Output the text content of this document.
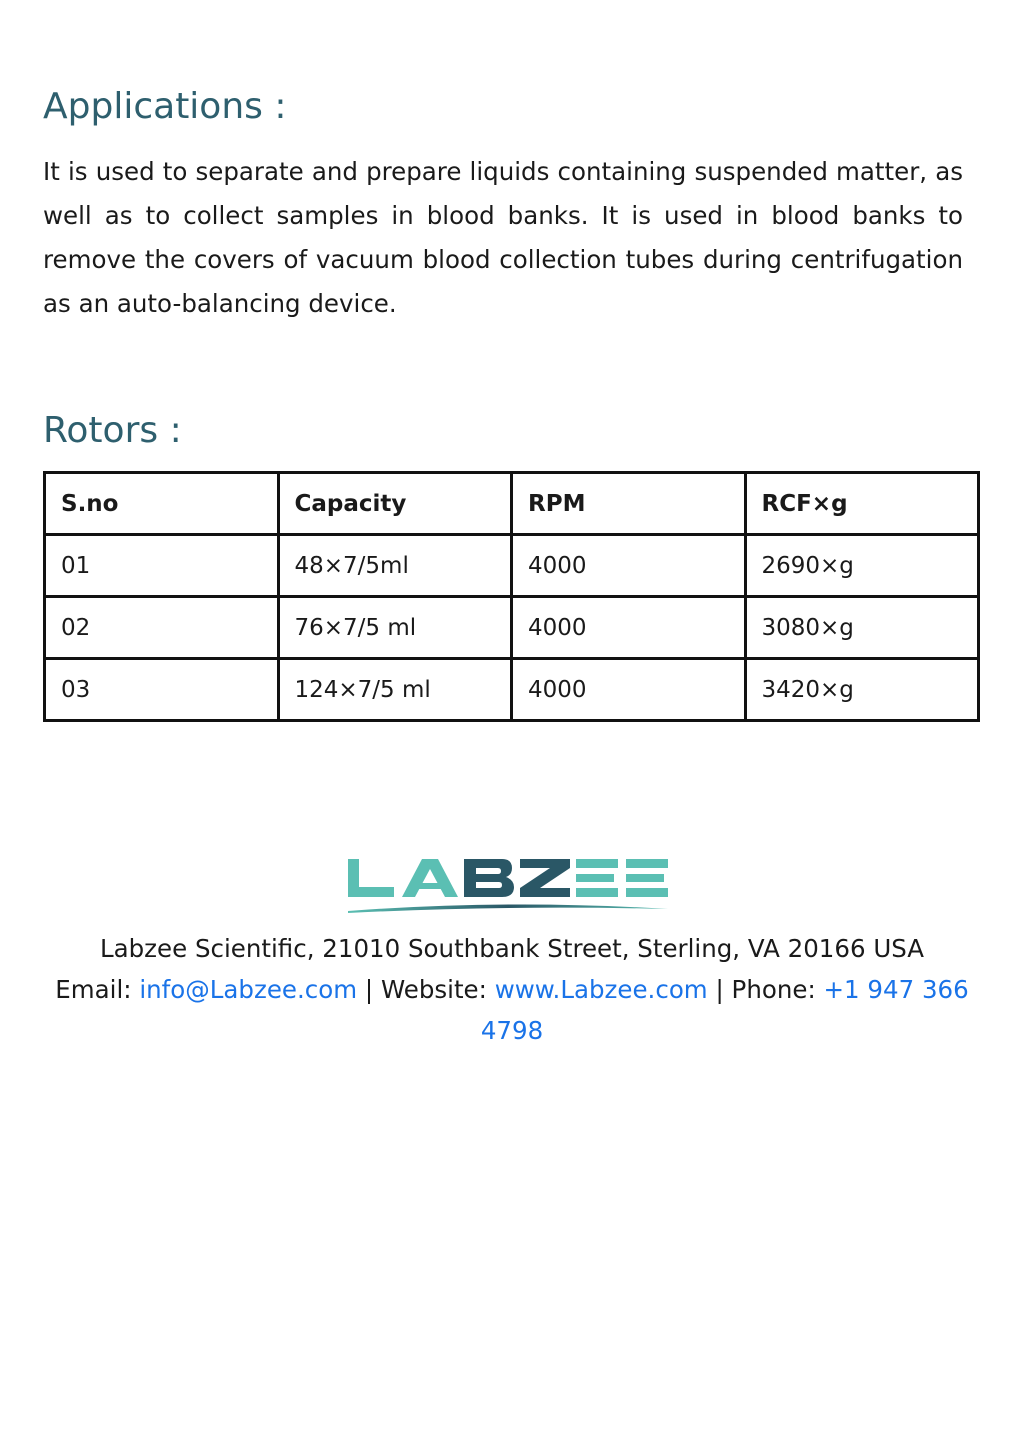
Applications :

It is used to separate and prepare liquids containing suspended matter, as well as to collect samples in blood banks. It is used in blood banks to remove the covers of vacuum blood collection tubes during centrifugation as an auto-balancing device.

Rotors :
S.no	Capacity	RPM	RCF×g
01	48×7/5ml	4000	2690×g
02	76×7/5 ml	4000	3080×g
03	124×7/5 ml	4000	3420×g

Labzee Scientific, 21010 Southbank Street, Sterling, VA 20166 USA

Email: info@Labzee.com | Website: www.Labzee.com | Phone: +1 947 366 4798
